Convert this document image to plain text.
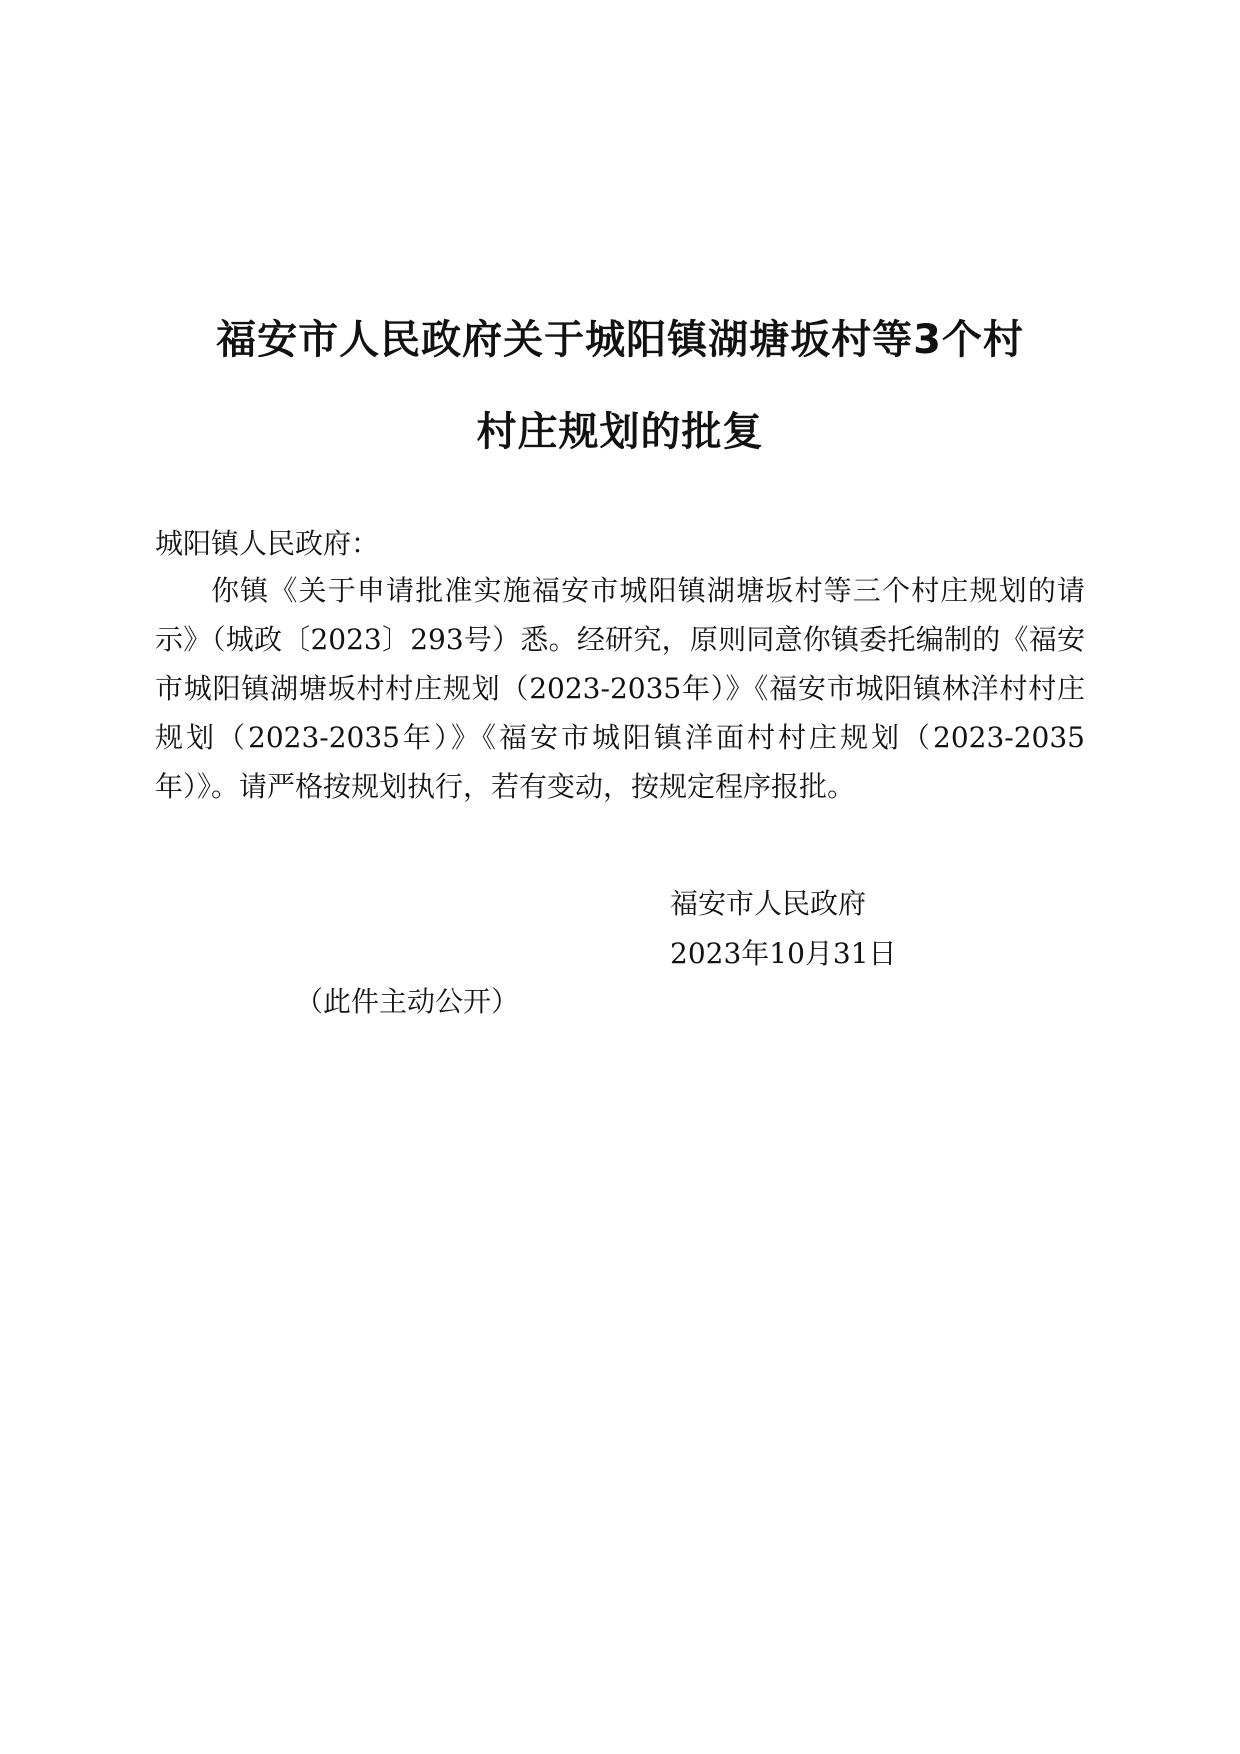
福安市人民政府关于城阳镇湖塘坂村等3个村
村庄规划的批复
城阳镇人民政府：

你镇《关于申请批准实施福安市城阳镇湖塘坂村等三个村庄规划的请示》（城政〔2023〕293号）悉。经研究，原则同意你镇委托编制的《福安市城阳镇湖塘坂村村庄规划（2023-2035年）》《福安市城阳镇林洋村村庄规划（2023-2035年）》《福安市城阳镇洋面村村庄规划（2023-2035年）》。请严格按规划执行，若有变动，按规定程序报批。

福安市人民政府
2023年10月31日
（此件主动公开）
